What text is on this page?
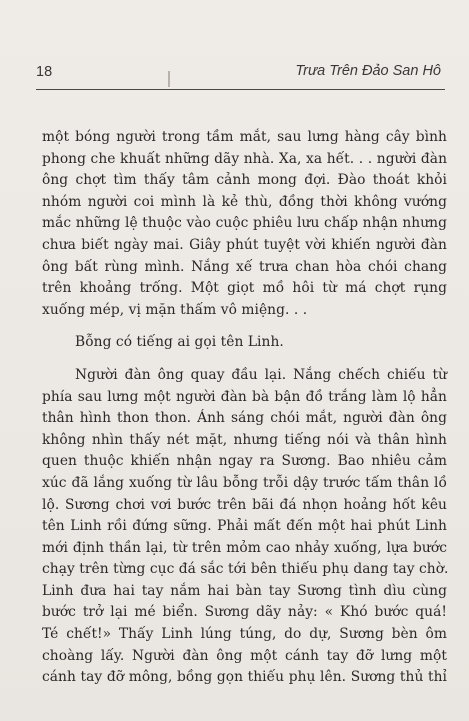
18	Trưa Trên Đảo San Hô
một bóng người trong tầm mắt, sau lưng hàng cây bình
phong che khuất những dãy nhà. Xa, xa hết. . . người đàn
ông chợt tìm thấy tâm cảnh mong đợi. Đào thoát khỏi
nhóm người coi mình là kẻ thù, đồng thời không vướng
mắc những lệ thuộc vào cuộc phiêu lưu chấp nhận nhưng
chưa biết ngày mai. Giây phút tuyệt vời khiến người đàn
ông bất rùng mình. Nắng xế trưa chan hòa chói chang
trên khoảng trống. Một giọt mồ hôi từ má chợt rụng
xuống mép, vị mặn thấm vô miệng. . .
Bỗng có tiếng ai gọi tên Linh.
Người đàn ông quay đầu lại. Nắng chếch chiếu từ
phía sau lưng một người đàn bà bận đồ trắng làm lộ hẳn
thân hình thon thon. Ánh sáng chói mắt, người đàn ông
không nhìn thấy nét mặt, nhưng tiếng nói và thân hình
quen thuộc khiến nhận ngay ra Sương. Bao nhiêu cảm
xúc đã lắng xuống từ lâu bỗng trỗi dậy trước tấm thân lồ
lộ. Sương chơi vơi bước trên bãi đá nhọn hoảng hốt kêu
tên Linh rồi đứng sững. Phải mất đến một hai phút Linh
mới định thần lại, từ trên mỏm cao nhảy xuống, lựa bước
chạy trên từng cục đá sắc tới bên thiếu phụ dang tay chờ.
Linh đưa hai tay nắm hai bàn tay Sương tình dìu cùng
bước trở lại mé biển. Sương dãy nảy: « Khó bước quá!
Té chết!» Thấy Linh lúng túng, do dự, Sương bèn ôm
choàng lấy. Người đàn ông một cánh tay đỡ lưng một
cánh tay đỡ mông, bồng gọn thiếu phụ lên. Sương thủ thỉ
